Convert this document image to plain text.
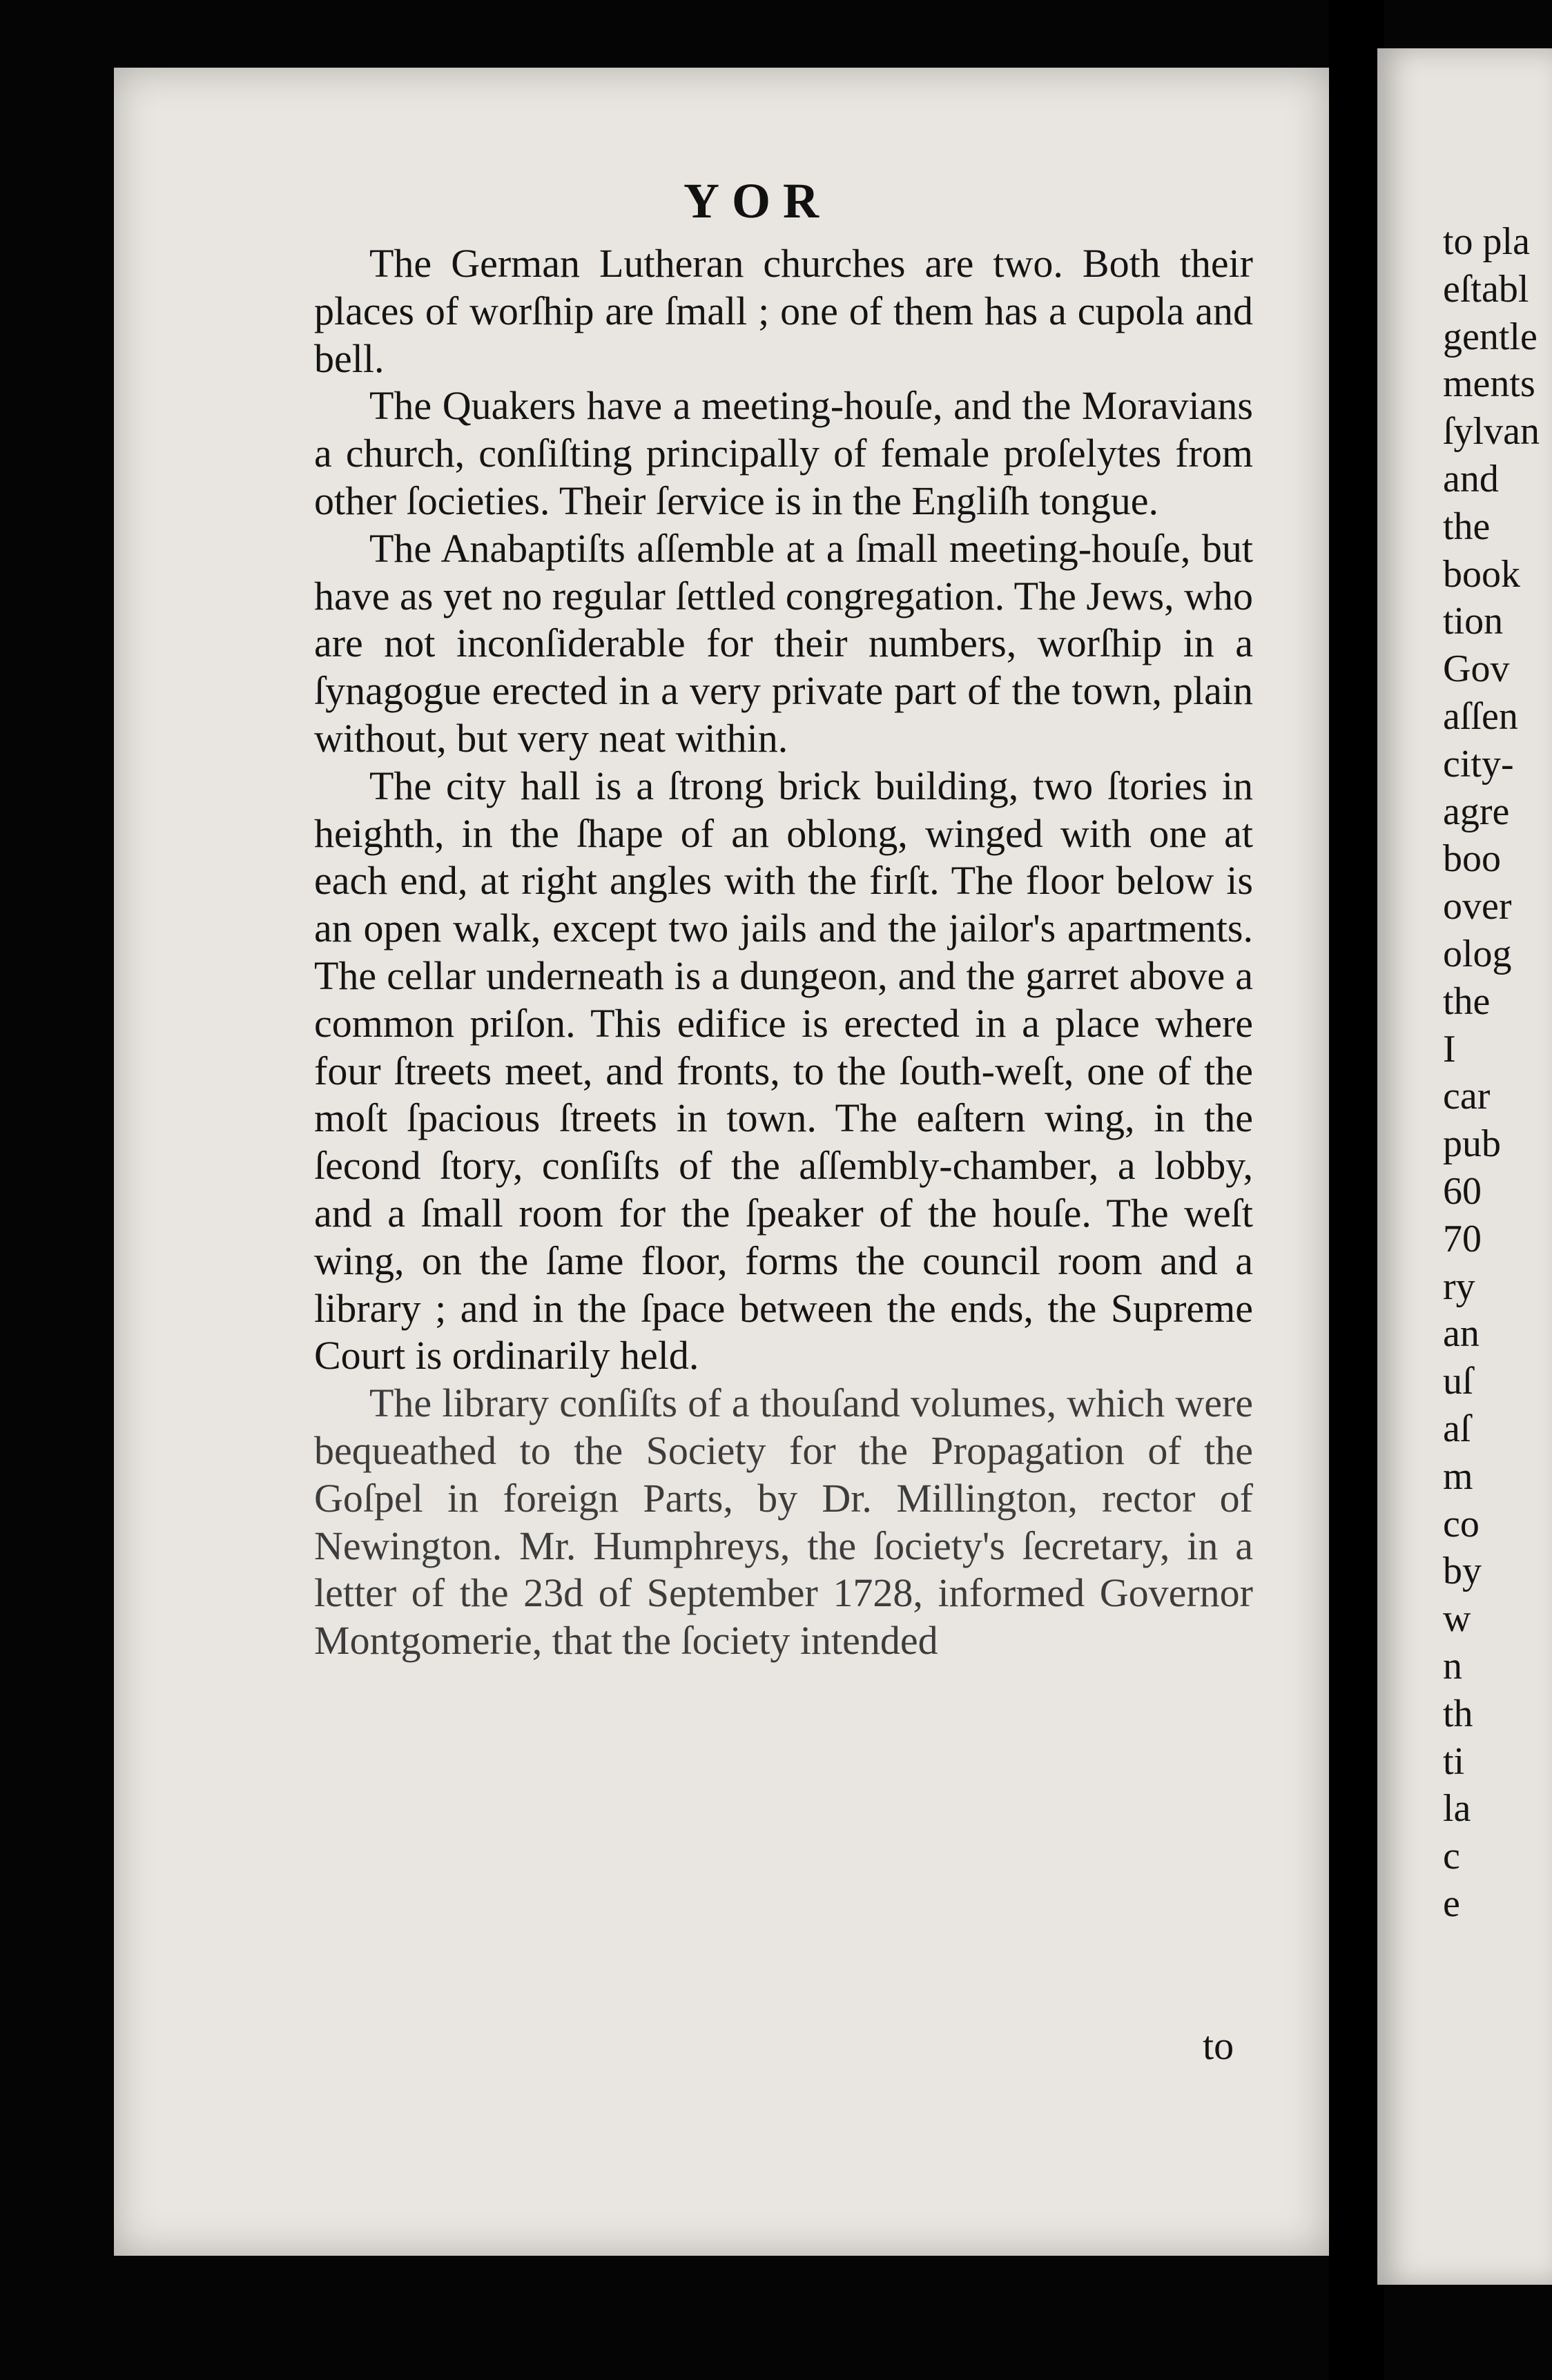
YOR

The German Lutheran churches are two. Both their places of worſhip are ſmall ; one of them has a cupola and bell.

The Quakers have a meeting-houſe, and the Moravians a church, conſiſting principally of female proſelytes from other ſocieties. Their ſervice is in the Engliſh tongue.

The Anabaptiſts aſſemble at a ſmall meeting-houſe, but have as yet no regular ſettled congregation. The Jews, who are not inconſiderable for their numbers, worſhip in a ſynagogue erected in a very private part of the town, plain without, but very neat within.

The city hall is a ſtrong brick building, two ſtories in heighth, in the ſhape of an oblong, winged with one at each end, at right angles with the firſt. The floor below is an open walk, except two jails and the jailor's apartments. The cellar underneath is a dungeon, and the garret above a common priſon. This edifice is erected in a place where four ſtreets meet, and fronts, to the ſouth-weſt, one of the moſt ſpacious ſtreets in town. The eaſtern wing, in the ſecond ſtory, conſiſts of the aſſembly-chamber, a lobby, and a ſmall room for the ſpeaker of the houſe. The weſt wing, on the ſame floor, forms the council room and a library ; and in the ſpace between the ends, the Supreme Court is ordinarily held.

The library conſiſts of a thouſand volumes, which were bequeathed to the Society for the Propagation of the Goſpel in foreign Parts, by Dr. Millington, rector of Newington. Mr. Humphreys, the ſociety's ſecretary, in a letter of the 23d of September 1728, informed Governor Montgomerie, that the ſociety intended

to
to pla
eſtabl
gentle
ments
ſylvan
and
the
book
tion
Gov
aſſen
city-
agre
boo
over
olog
the
I
car
pub
60
70
ry
an
uſ
aſ
m
co
by
w
n
th
ti
la
c
e
